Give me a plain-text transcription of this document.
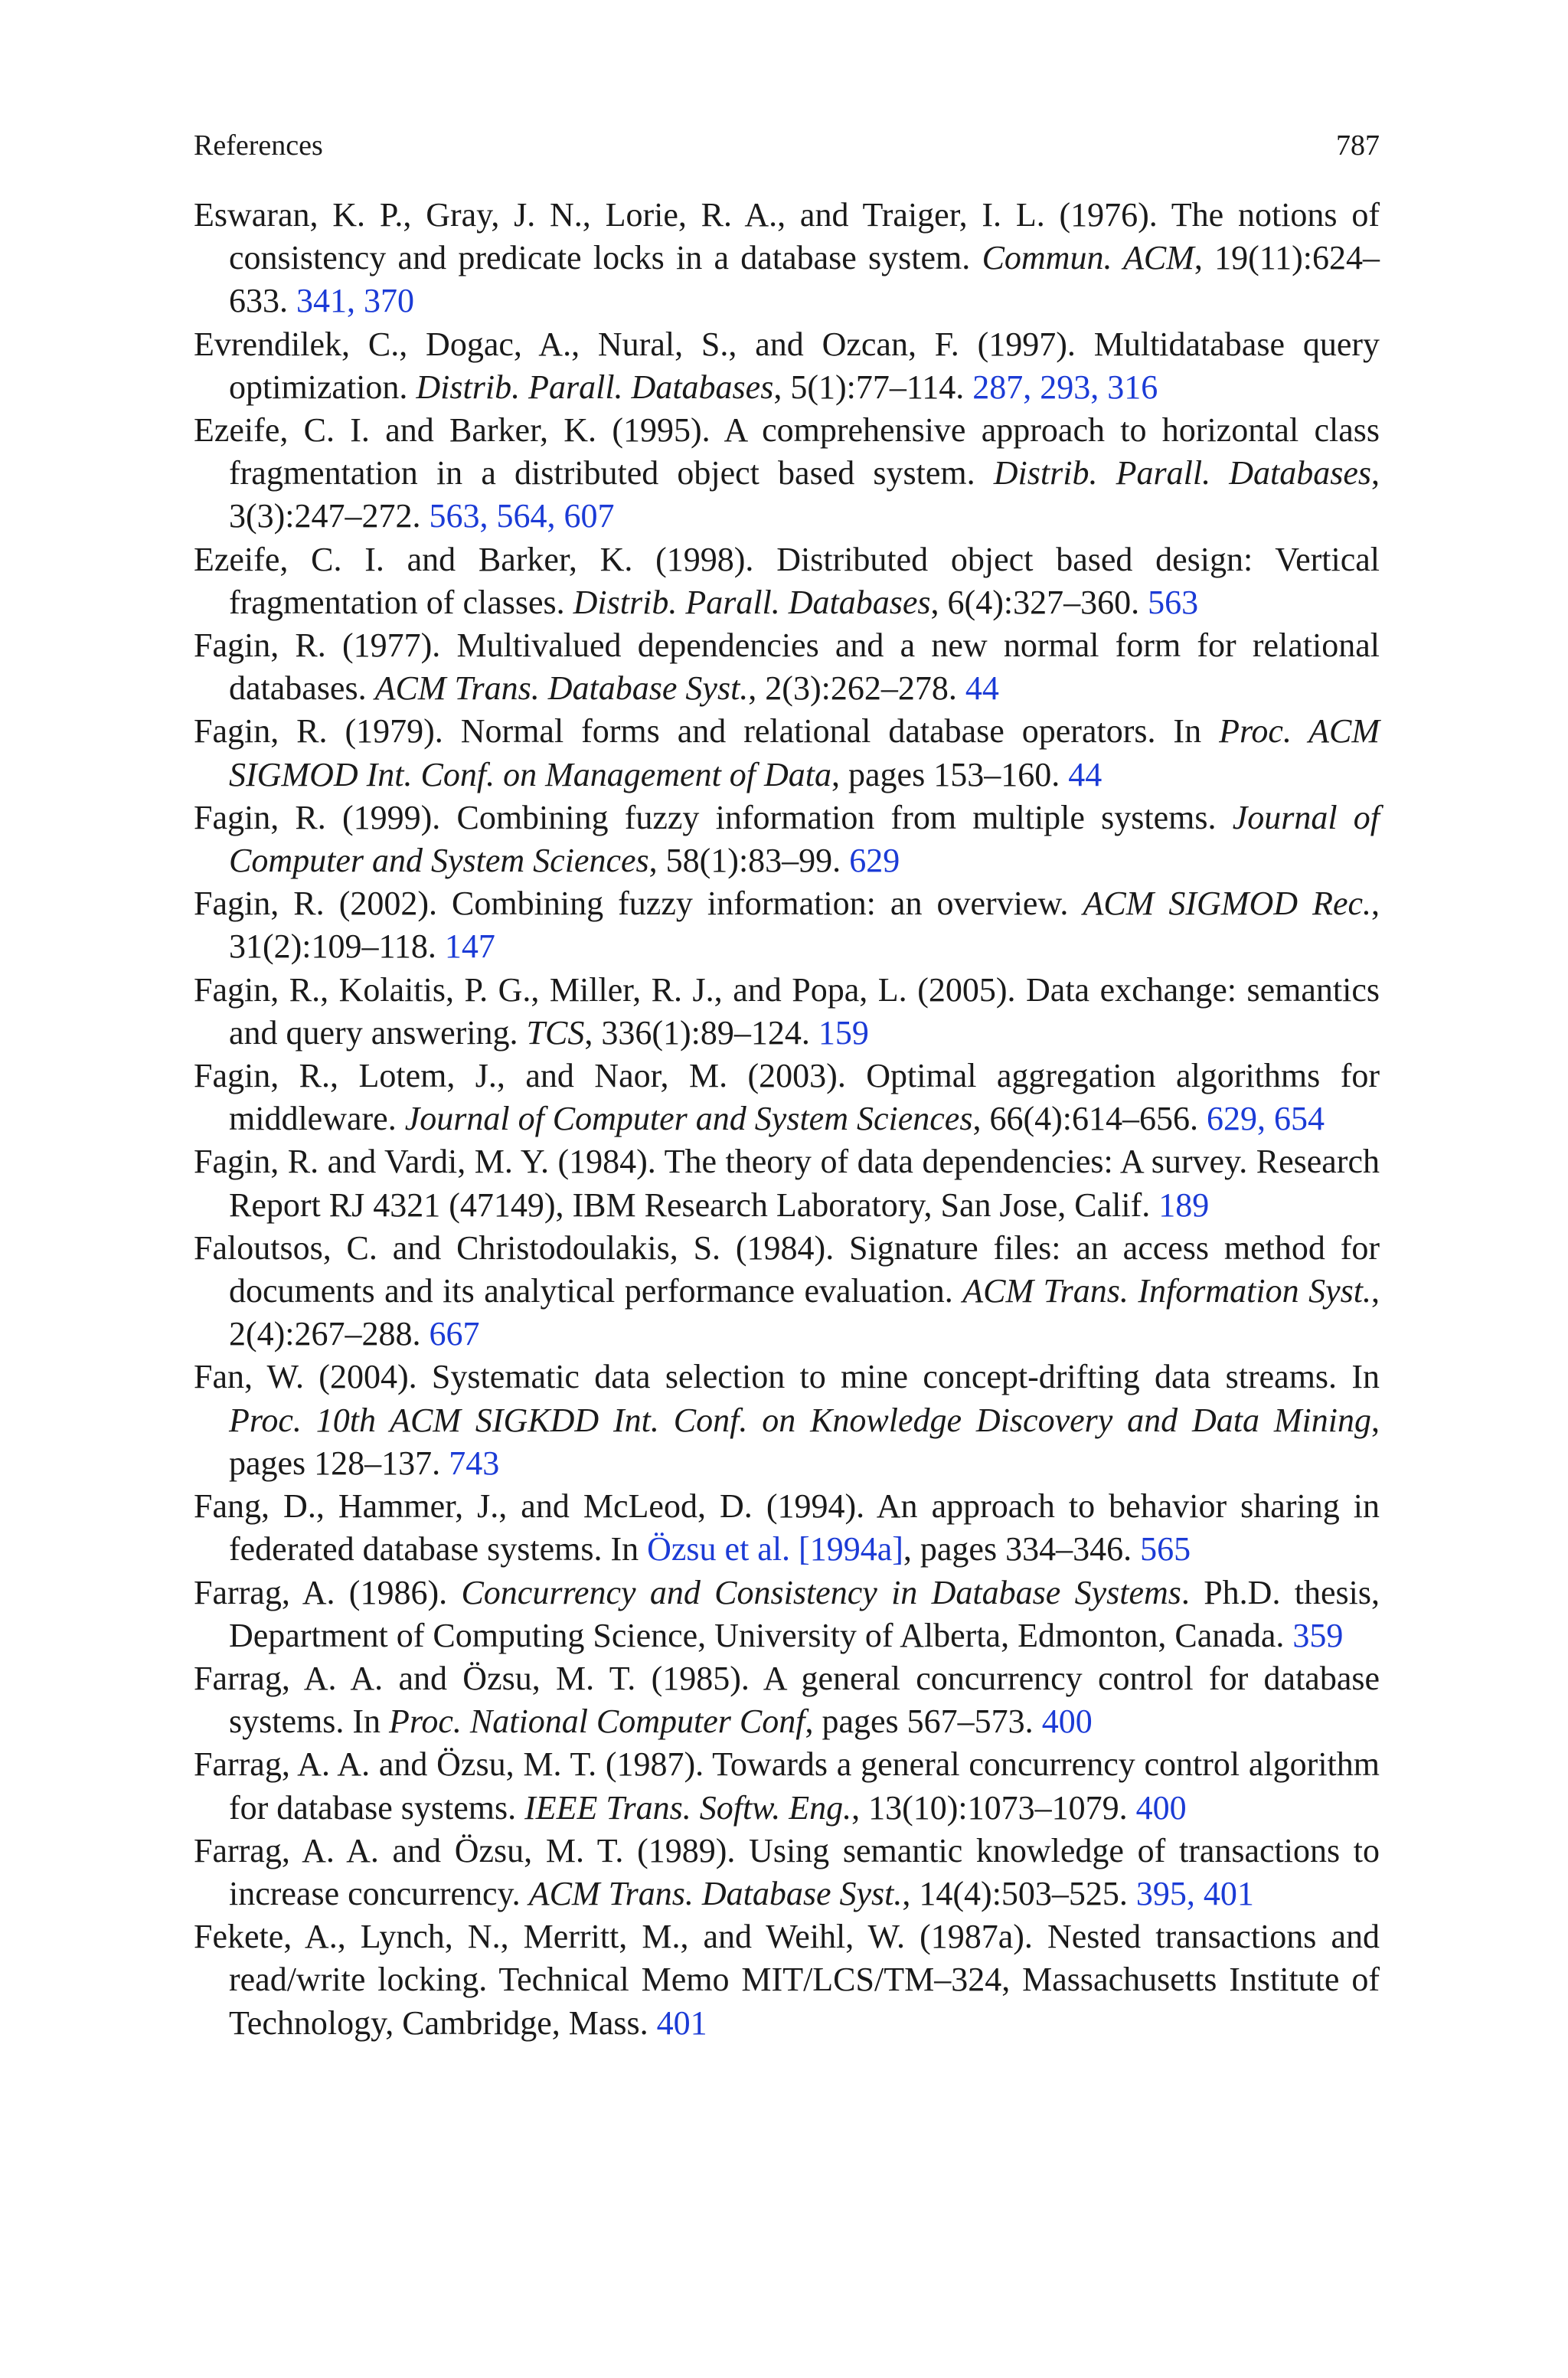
References	787
Eswaran, K. P., Gray, J. N., Lorie, R. A., and Traiger, I. L. (1976). The notions of consistency and predicate locks in a database system. Commun. ACM, 19(11):624–633. 341, 370
Evrendilek, C., Dogac, A., Nural, S., and Ozcan, F. (1997). Multidatabase query optimization. Distrib. Parall. Databases, 5(1):77–114. 287, 293, 316
Ezeife, C. I. and Barker, K. (1995). A comprehensive approach to horizontal class fragmentation in a distributed object based system. Distrib. Parall. Databases, 3(3):247–272. 563, 564, 607
Ezeife, C. I. and Barker, K. (1998). Distributed object based design: Vertical fragmentation of classes. Distrib. Parall. Databases, 6(4):327–360. 563
Fagin, R. (1977). Multivalued dependencies and a new normal form for relational databases. ACM Trans. Database Syst., 2(3):262–278. 44
Fagin, R. (1979). Normal forms and relational database operators. In Proc. ACM SIGMOD Int. Conf. on Management of Data, pages 153–160. 44
Fagin, R. (1999). Combining fuzzy information from multiple systems. Journal of Computer and System Sciences, 58(1):83–99. 629
Fagin, R. (2002). Combining fuzzy information: an overview. ACM SIGMOD Rec., 31(2):109–118. 147
Fagin, R., Kolaitis, P. G., Miller, R. J., and Popa, L. (2005). Data exchange: semantics and query answering. TCS, 336(1):89–124. 159
Fagin, R., Lotem, J., and Naor, M. (2003). Optimal aggregation algorithms for middleware. Journal of Computer and System Sciences, 66(4):614–656. 629, 654
Fagin, R. and Vardi, M. Y. (1984). The theory of data dependencies: A survey. Research Report RJ 4321 (47149), IBM Research Laboratory, San Jose, Calif. 189
Faloutsos, C. and Christodoulakis, S. (1984). Signature files: an access method for documents and its analytical performance evaluation. ACM Trans. Information Syst., 2(4):267–288. 667
Fan, W. (2004). Systematic data selection to mine concept-drifting data streams. In Proc. 10th ACM SIGKDD Int. Conf. on Knowledge Discovery and Data Mining, pages 128–137. 743
Fang, D., Hammer, J., and McLeod, D. (1994). An approach to behavior sharing in federated database systems. In Özsu et al. [1994a], pages 334–346. 565
Farrag, A. (1986). Concurrency and Consistency in Database Systems. Ph.D. thesis, Department of Computing Science, University of Alberta, Edmonton, Canada. 359
Farrag, A. A. and Özsu, M. T. (1985). A general concurrency control for database systems. In Proc. National Computer Conf, pages 567–573. 400
Farrag, A. A. and Özsu, M. T. (1987). Towards a general concurrency control algorithm for database systems. IEEE Trans. Softw. Eng., 13(10):1073–1079. 400
Farrag, A. A. and Özsu, M. T. (1989). Using semantic knowledge of transactions to increase concurrency. ACM Trans. Database Syst., 14(4):503–525. 395, 401
Fekete, A., Lynch, N., Merritt, M., and Weihl, W. (1987a). Nested transactions and read/write locking. Technical Memo MIT/LCS/TM–324, Massachusetts Institute of Technology, Cambridge, Mass. 401
